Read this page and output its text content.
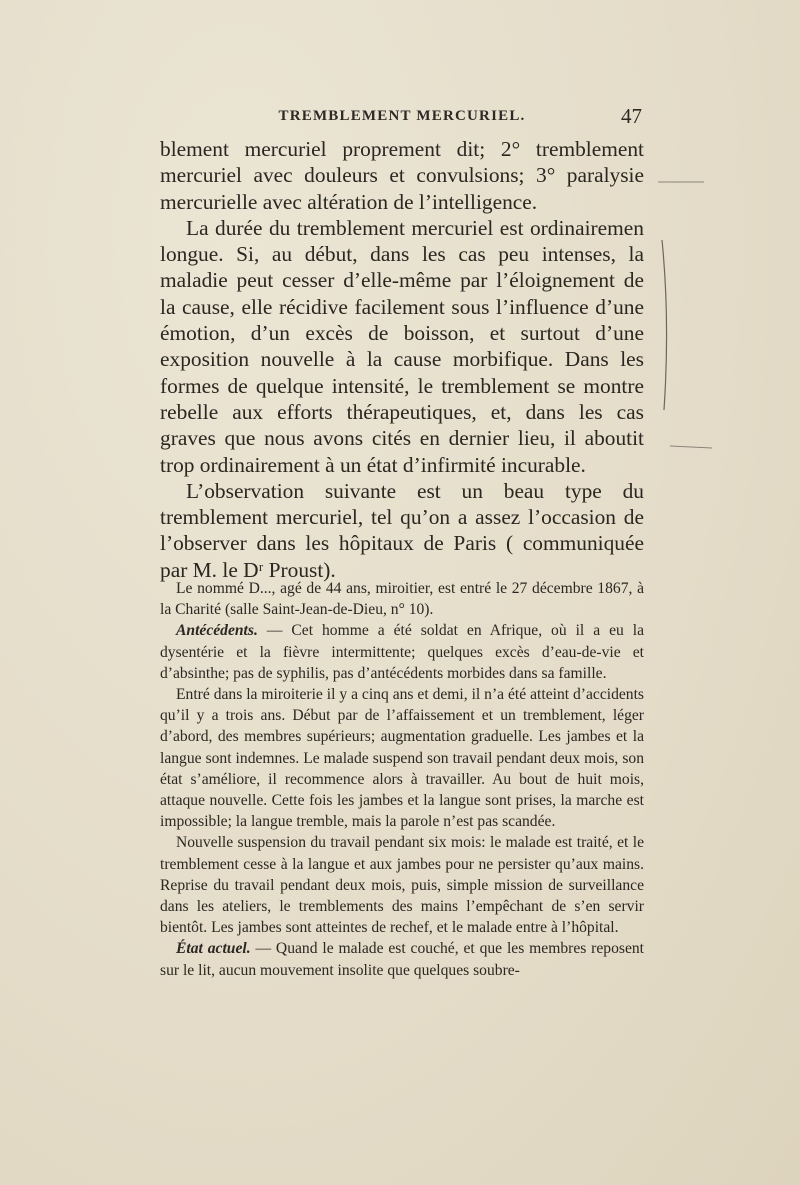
TREMBLEMENT MERCURIEL.	47

blement mercuriel proprement dit; 2° tremblement mercuriel avec douleurs et convulsions; 3° paralysie mercurielle avec altération de l’intelligence.

La durée du tremblement mercuriel est ordinairemen longue. Si, au début, dans les cas peu intenses, la maladie peut cesser d’elle-même par l’éloignement de la cause, elle récidive facilement sous l’influence d’une émotion, d’un excès de boisson, et surtout d’une exposition nouvelle à la cause morbifique. Dans les formes de quelque intensité, le tremblement se montre rebelle aux efforts thérapeutiques, et, dans les cas graves que nous avons cités en dernier lieu, il aboutit trop ordinairement à un état d’infirmité incurable.

L’observation suivante est un beau type du tremblement mercuriel, tel qu’on a assez l’occasion de l’observer dans les hôpitaux de Paris ( communiquée par M. le Dʳ Proust).

Le nommé D..., agé de 44 ans, miroitier, est entré le 27 décembre 1867, à la Charité (salle Saint-Jean-de-Dieu, n° 10).

Antécédents. — Cet homme a été soldat en Afrique, où il a eu la dysentérie et la fièvre intermittente; quelques excès d’eau-de-vie et d’absinthe; pas de syphilis, pas d’antécédents morbides dans sa famille.

Entré dans la miroiterie il y a cinq ans et demi, il n’a été atteint d’accidents qu’il y a trois ans. Début par de l’affaissement et un tremblement, léger d’abord, des membres supérieurs; augmentation graduelle. Les jambes et la langue sont indemnes. Le malade suspend son travail pendant deux mois, son état s’améliore, il recommence alors à travailler. Au bout de huit mois, attaque nouvelle. Cette fois les jambes et la langue sont prises, la marche est impossible; la langue tremble, mais la parole n’est pas scandée.

Nouvelle suspension du travail pendant six mois: le malade est traité, et le tremblement cesse à la langue et aux jambes pour ne persister qu’aux mains. Reprise du travail pendant deux mois, puis, simple mission de surveillance dans les ateliers, le tremblements des mains l’empêchant de s’en servir bientôt. Les jambes sont atteintes de rechef, et le malade entre à l’hôpital.

État actuel. — Quand le malade est couché, et que les membres reposent sur le lit, aucun mouvement insolite que quelques soubre-
